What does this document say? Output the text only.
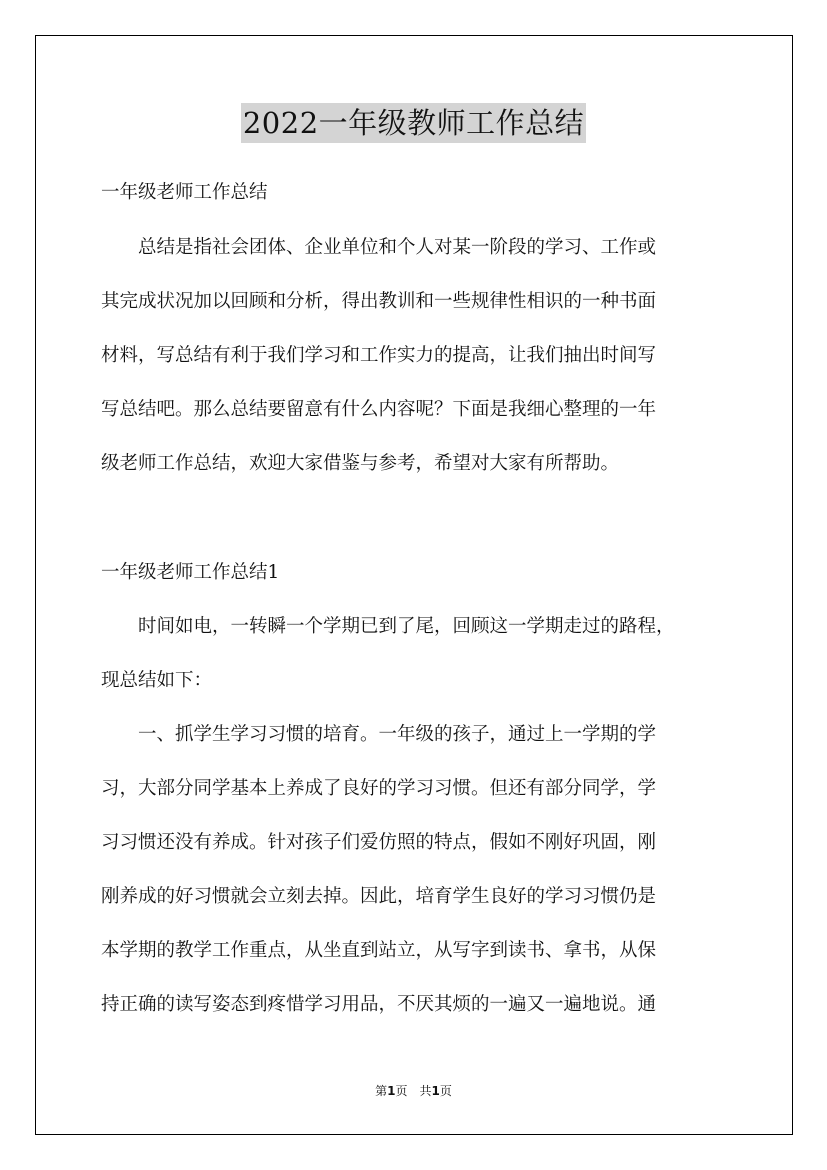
2022一年级教师工作总结
一年级老师工作总结
　　总结是指社会团体、企业单位和个人对某一阶段的学习、工作或
其完成状况加以回顾和分析，得出教训和一些规律性相识的一种书面
材料，写总结有利于我们学习和工作实力的提高，让我们抽出时间写
写总结吧。那么总结要留意有什么内容呢？下面是我细心整理的一年
级老师工作总结，欢迎大家借鉴与参考，希望对大家有所帮助。
一年级老师工作总结1
　　时间如电，一转瞬一个学期已到了尾，回顾这一学期走过的路程，
现总结如下：
　　一、抓学生学习习惯的培育。一年级的孩子，通过上一学期的学
习，大部分同学基本上养成了良好的学习习惯。但还有部分同学，学
习习惯还没有养成。针对孩子们爱仿照的特点，假如不刚好巩固，刚
刚养成的好习惯就会立刻去掉。因此，培育学生良好的学习习惯仍是
本学期的教学工作重点，从坐直到站立，从写字到读书、拿书，从保
持正确的读写姿态到疼惜学习用品，不厌其烦的一遍又一遍地说。通
第1页　共1页
